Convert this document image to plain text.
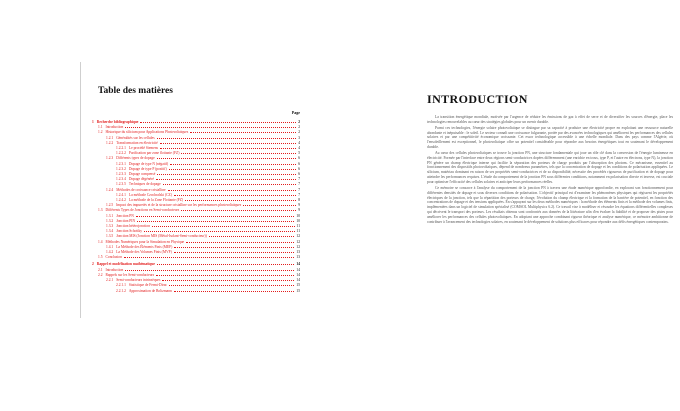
Table des matières
Page
1 Recherche bibliographique	2
1.1 Introduction	2
1.2 Historique du silicium pour Applications Photovoltaïques	2
1.2.1 Généralités sur les cellules	3
1.2.2 Transformation en électricité	4
1.2.2.1 Le procédé Siemens	4
1.2.2.2 Purification par zone flottante (FZ)	5
1.2.3 Différents types de dopage	6
1.2.3.1 Dopage de type N (négatif)	6
1.2.3.2 Dopage de type P (positif)	6
1.2.3.3 Dopage compensé	6
1.2.3.4 Dopage dégénéré	7
1.2.3.5 Techniques de dopage	7
1.2.4 Méthodes de croissance cristalline	7
1.2.4.1 La méthode Czochralski (CZ)	7
1.2.4.2 La méthode de la Zone Flottante (FZ)	8
1.2.5 Impact des impuretés et de la structure cristalline sur les performances photovoltaïques	9
1.3 Différents Types de Jonctions en Semi-conducteurs	9
1.3.1 Jonction PN	10
1.3.2 Jonction PIN	10
1.3.3 Jonction hétérojonction	11
1.3.4 Jonction Schottky	11
1.3.5 Jonction MIS (Jonction MIS (Métal-Isolant-Semi-conducteur))	12
1.4 Méthodes Numériques pour la Simulation en Physique	12
1.4.1 La Méthode des Éléments Finis (MEF)	12
1.4.2 La Méthode des Volumes Finis (MVF)	13
1.5 Conclusion	13
2 Rappel et modélisation mathématique	14
2.1 Introduction	14
2.2 Rappels sur les Semi-conducteurs	14
2.2.1 Semi-conducteurs intrinsèques	14
2.2.1.1 Statistique de Fermi-Dirac	15
2.2.1.2 Approximation de Boltzmann	15
INTRODUCTION

La transition énergétique mondiale, motivée par l'urgence de réduire les émissions de gaz à effet de serre et de diversifier les sources d'énergie, place les technologies renouvelables au cœur des stratégies globales pour un avenir durable.

Parmi ces technologies, l'énergie solaire photovoltaïque se distingue par sa capacité à produire une électricité propre en exploitant une ressource naturelle abondante et inépuisable : le soleil. Le secteur connaît une croissance fulgurante, portée par des avancées technologiques qui améliorent les performances des cellules solaires et par une compétitivité économique croissante. Cet essor technologique accessible à une échelle mondiale. Dans des pays comme l'Algérie, où l'ensoleillement est exceptionnel, le photovoltaïque offre un potentiel considérable pour répondre aux besoins énergétiques tout en soutenant le développement durable.

Au cœur des cellules photovoltaïques se trouve la jonction PN, une structure fondamentale qui joue un rôle clé dans la conversion de l'énergie lumineuse en électricité. Formée par l'interface entre deux régions semi-conductrices dopées différemment (une enrichie en trous, type P, et l'autre en électrons, type N), la jonction PN génère un champ électrique interne qui facilite la séparation des porteurs de charge produits par l'absorption des photons. Ce mécanisme, essentiel au fonctionnement des dispositifs photovoltaïques, dépend de nombreux paramètres, tels que la concentration de dopage et les conditions de polarisation appliquées. Le silicium, matériau dominant en raison de ses propriétés semi-conductrices et de sa disponibilité, nécessite des procédés rigoureux de purification et de dopage pour atteindre les performances requises. L'étude du comportement de la jonction PN sous différentes conditions, notamment en polarisation directe et inverse, est cruciale pour optimiser l'efficacité des cellules solaires et anticiper leurs performances réelles.

Ce mémoire se consacre à l'analyse du comportement de la jonction PN à travers une étude numérique approfondie, en explorant son fonctionnement pour différentes densités de dopage et sous diverses conditions de polarisation. L'objectif principal est d'examiner les phénomènes physiques qui régissent les propriétés électriques de la jonction, tels que la répartition des porteurs de charge, l'évolution du champ électrique et la formation de la barrière de potentiel, en fonction des concentrations de dopage et des tensions appliquées. En s'appuyant sur les deux méthodes numériques : la méthode des éléments finis et la méthode des volumes finis, implémentées dans un logiciel de simulation spécialisé (COMSOL Multiphysics 6.2). Ce travail vise à modéliser et résoudre les équations différentielles complexes qui décrivent le transport des porteurs. Les résultats obtenus sont confrontés aux données de la littérature afin d'en évaluer la fiabilité et de proposer des pistes pour améliorer les performances des cellules photovoltaïques. En adoptant une approche combinant rigueur théorique et analyse numérique, ce mémoire ambitionne de contribuer à l'avancement des technologies solaires, en soutenant le développement de solutions plus efficaces pour répondre aux défis énergétiques contemporains.
